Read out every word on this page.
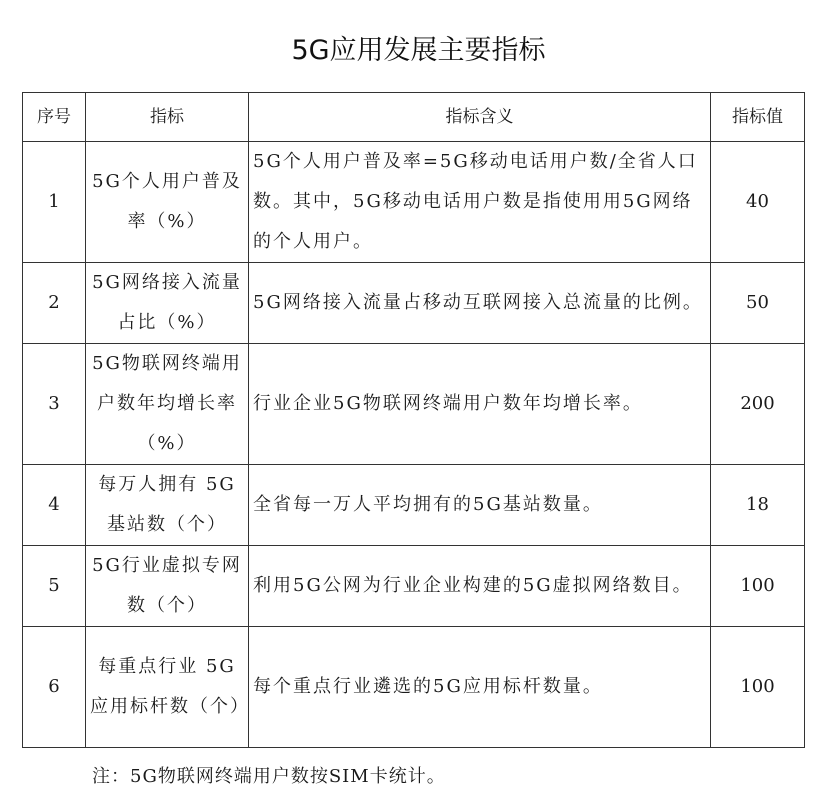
5G应用发展主要指标
序号	指标	指标含义	指标值
1	5G个人用户普及率（%）	5G个人用户普及率=5G移动电话用户数/全省人口数。其中，5G移动电话用户数是指使用用5G网络的个人用户。	40
2	5G网络接入流量占比（%）	5G网络接入流量占移动互联网接入总流量的比例。	50
3	5G物联网终端用户数年均增长率（%）	行业企业5G物联网终端用户数年均增长率。	200
4	每万人拥有 5G基站数（个）	全省每一万人平均拥有的5G基站数量。	18
5	5G行业虚拟专网数（个）	利用5G公网为行业企业构建的5G虚拟网络数目。	100
6	每重点行业 5G应用标杆数（个）	每个重点行业遴选的5G应用标杆数量。	100
注：5G物联网终端用户数按SIM卡统计。
